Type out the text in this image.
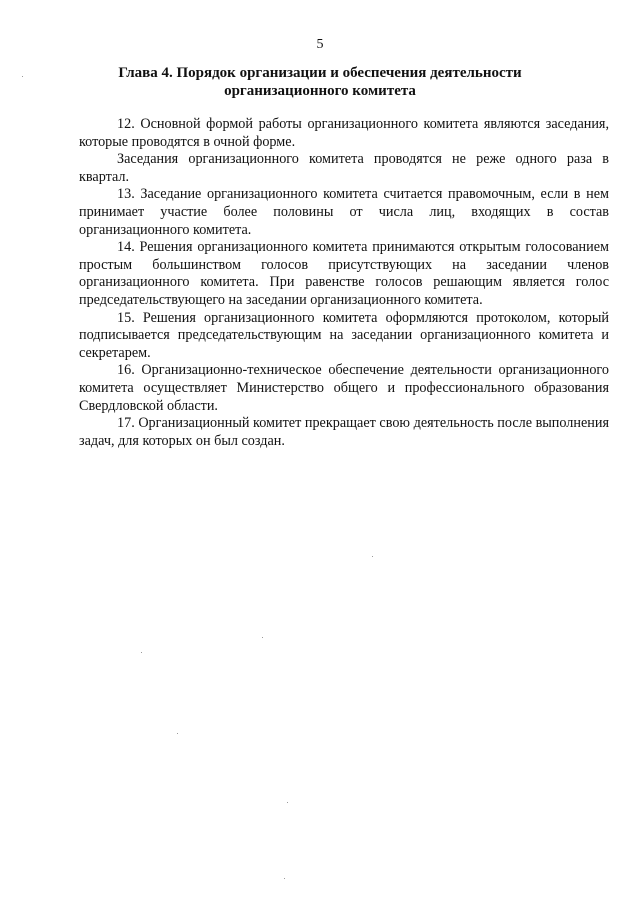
5
Глава 4. Порядок организации и обеспечения деятельности
организационного комитета

12. Основной формой работы организационного комитета являются заседания, которые проводятся в очной форме.

Заседания организационного комитета проводятся не реже одного раза в квартал.

13. Заседание организационного комитета считается правомочным, если в нем принимает участие более половины от числа лиц, входящих в состав организационного комитета.

14. Решения организационного комитета принимаются открытым голосованием простым большинством голосов присутствующих на заседании членов организационного комитета. При равенстве голосов решающим является голос председательствующего на заседании организационного комитета.

15. Решения организационного комитета оформляются протоколом, который подписывается председательствующим на заседании организационного комитета и секретарем.

16. Организационно-техническое обеспечение деятельности организационного комитета осуществляет Министерство общего и профессионального образования Свердловской области.

17. Организационный комитет прекращает свою деятельность после выполнения задач, для которых он был создан.
